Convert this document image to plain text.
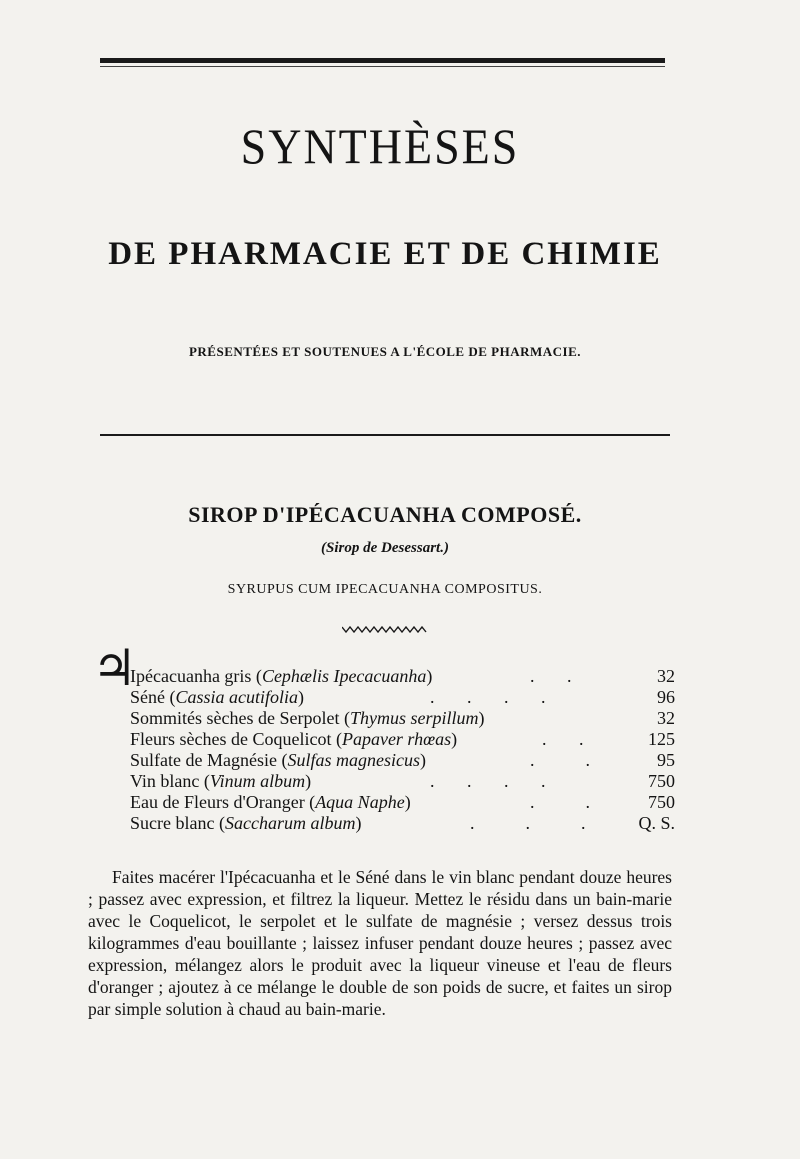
SYNTHÈSES
DE PHARMACIE ET DE CHIMIE
PRÉSENTÉES ET SOUTENUES A L'ÉCOLE DE PHARMACIE.
SIROP D'IPÉCACUANHA COMPOSÉ.
(Sirop de Desessart.)
SYRUPUS CUM IPECACUANHA COMPOSITUS.
♃
Ipécacuanha gris (Cephælis Ipecacuanha)	. .	32
Séné (Cassia acutifolia)	. . . .	96
Sommités sèches de Serpolet (Thymus serpillum)	32
Fleurs sèches de Coquelicot (Papaver rhœas)	. .	125
Sulfate de Magnésie (Sulfas magnesicus)	.  .	95
Vin blanc (Vinum album)	. . . .	750
Eau de Fleurs d'Oranger (Aqua Naphe)	.  .	750
Sucre blanc (Saccharum album)	.  .  .	Q. S.

Faites macérer l'Ipécacuanha et le Séné dans le vin blanc pendant douze heures ; passez avec expression, et filtrez la liqueur. Mettez le résidu dans un bain-marie avec le Coquelicot, le serpolet et le sulfate de magnésie ; versez dessus trois kilogrammes d'eau bouillante ; laissez infuser pendant douze heures ; passez avec expression, mélangez alors le produit avec la liqueur vineuse et l'eau de fleurs d'oranger ; ajoutez à ce mélange le double de son poids de sucre, et faites un sirop par simple solution à chaud au bain-marie.
